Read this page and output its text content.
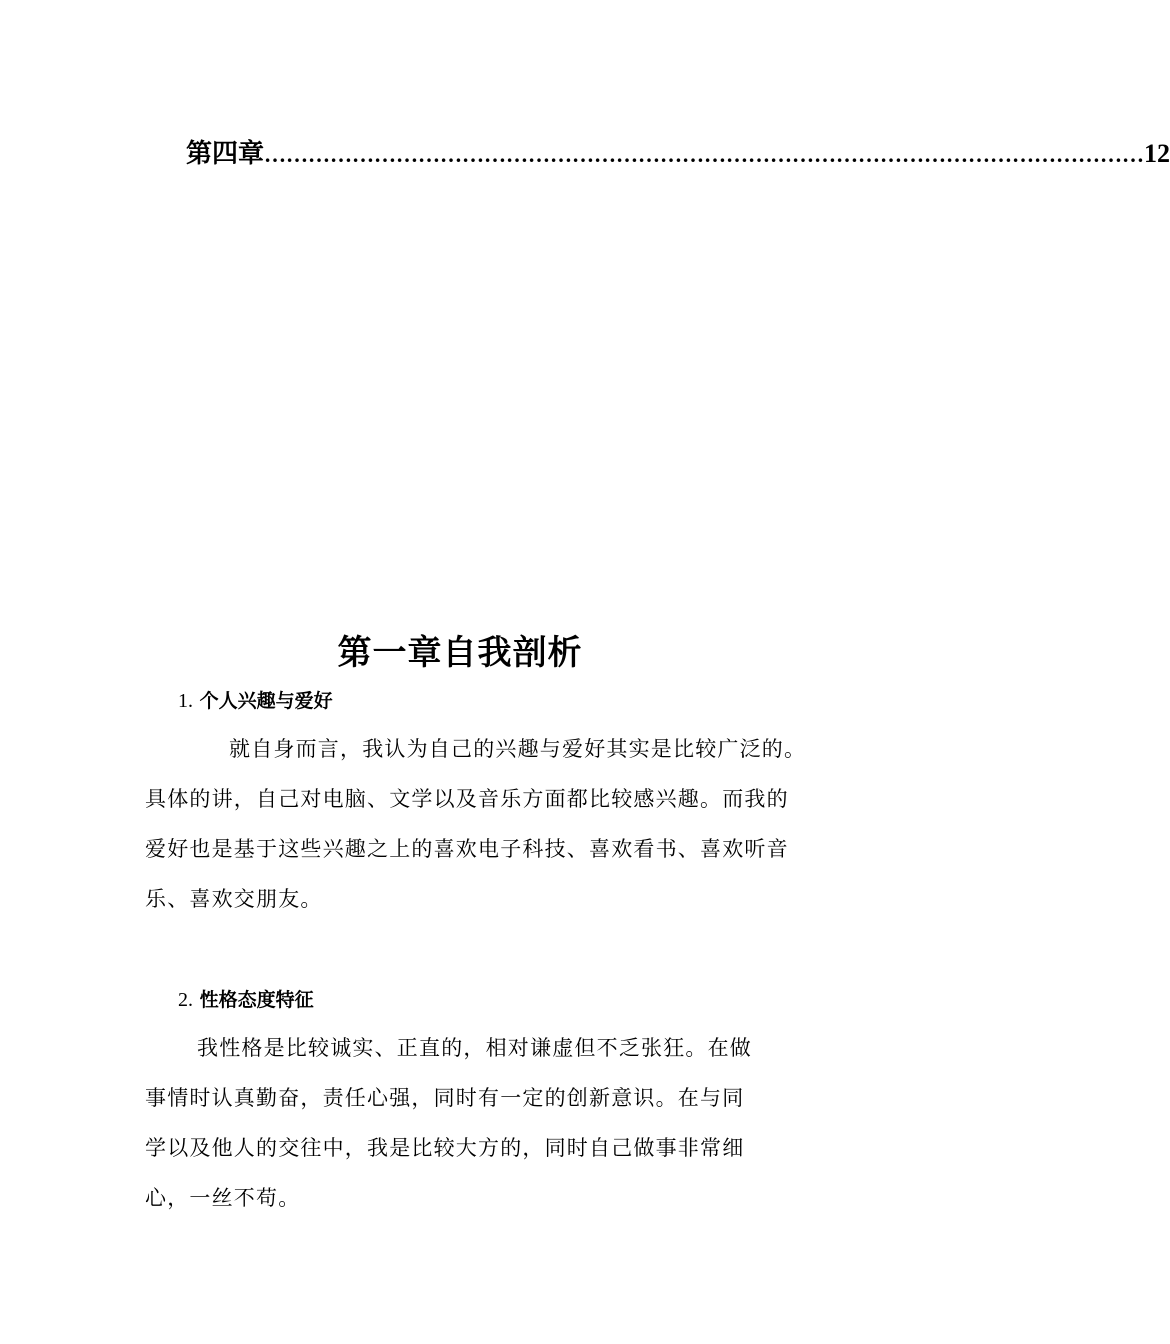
第四章 ………………………………………………………………………………………………………… 12
第一章自我剖析
1. 个人兴趣与爱好
就自身而言，我认为自己的兴趣与爱好其实是比较广泛的。
具体的讲，自己对电脑、文学以及音乐方面都比较感兴趣。而我的
爱好也是基于这些兴趣之上的喜欢电子科技、喜欢看书、喜欢听音
乐、喜欢交朋友。
2. 性格态度特征
我性格是比较诚实、正直的，相对谦虚但不乏张狂。在做
事情时认真勤奋，责任心强，同时有一定的创新意识。在与同
学以及他人的交往中，我是比较大方的，同时自己做事非常细
心，一丝不苟。
